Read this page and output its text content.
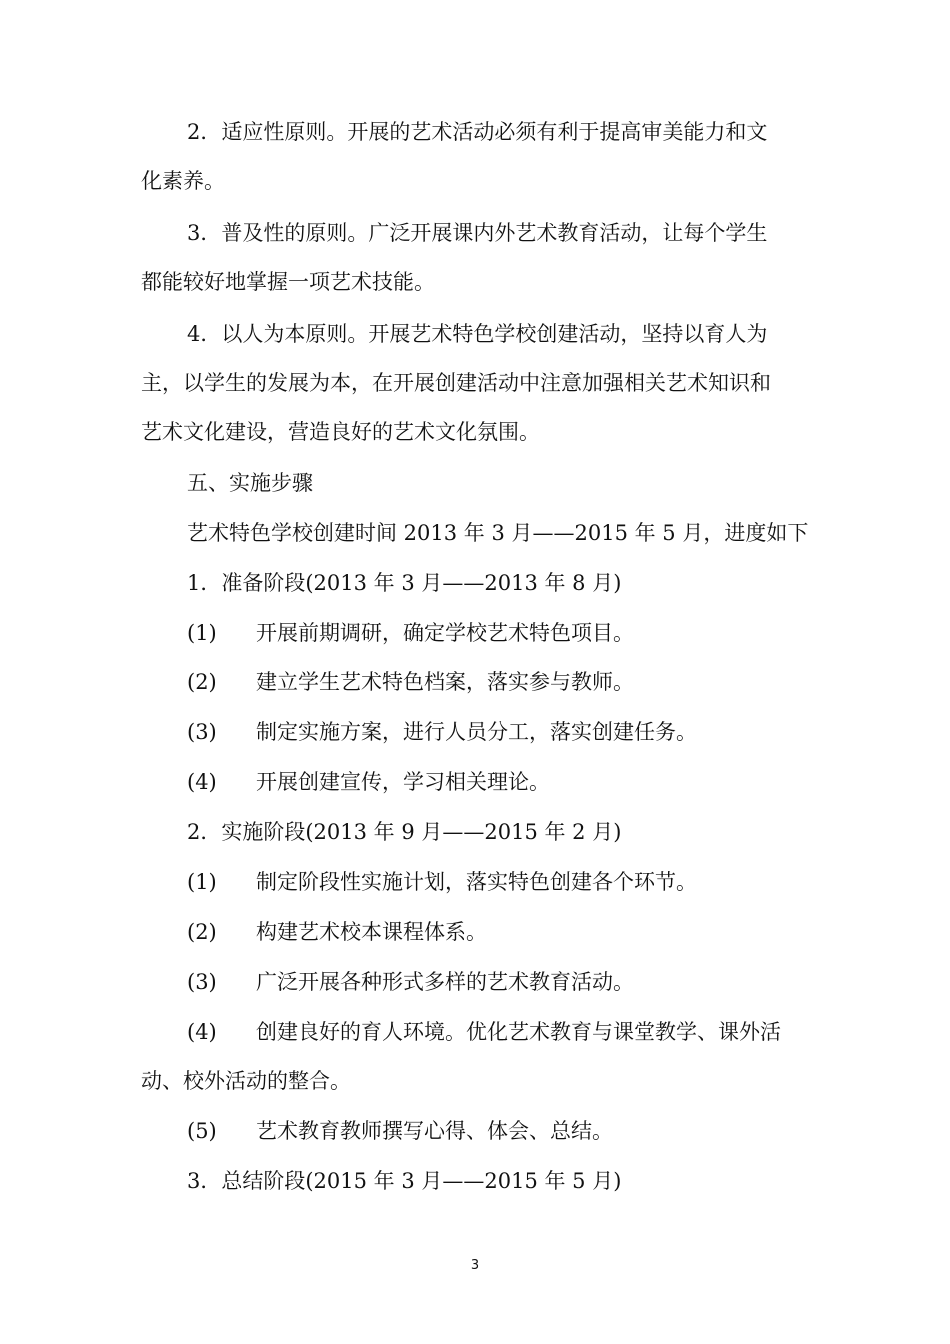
2．适应性原则。开展的艺术活动必须有利于提高审美能力和文
化素养。
3．普及性的原则。广泛开展课内外艺术教育活动，让每个学生
都能较好地掌握一项艺术技能。
4．以人为本原则。开展艺术特色学校创建活动，坚持以育人为
主，以学生的发展为本，在开展创建活动中注意加强相关艺术知识和
艺术文化建设，营造良好的艺术文化氛围。
五、实施步骤
艺术特色学校创建时间 2013 年 3 月——2015 年 5 月，进度如下
1．准备阶段(2013 年 3 月——2013 年 8 月)
(1) 开展前期调研，确定学校艺术特色项目。
(2) 建立学生艺术特色档案，落实参与教师。
(3) 制定实施方案，进行人员分工，落实创建任务。
(4) 开展创建宣传，学习相关理论。
2．实施阶段(2013 年 9 月——2015 年 2 月)
(1) 制定阶段性实施计划，落实特色创建各个环节。
(2) 构建艺术校本课程体系。
(3) 广泛开展各种形式多样的艺术教育活动。
(4) 创建良好的育人环境。优化艺术教育与课堂教学、课外活
动、校外活动的整合。
(5) 艺术教育教师撰写心得、体会、总结。
3．总结阶段(2015 年 3 月——2015 年 5 月)
3
